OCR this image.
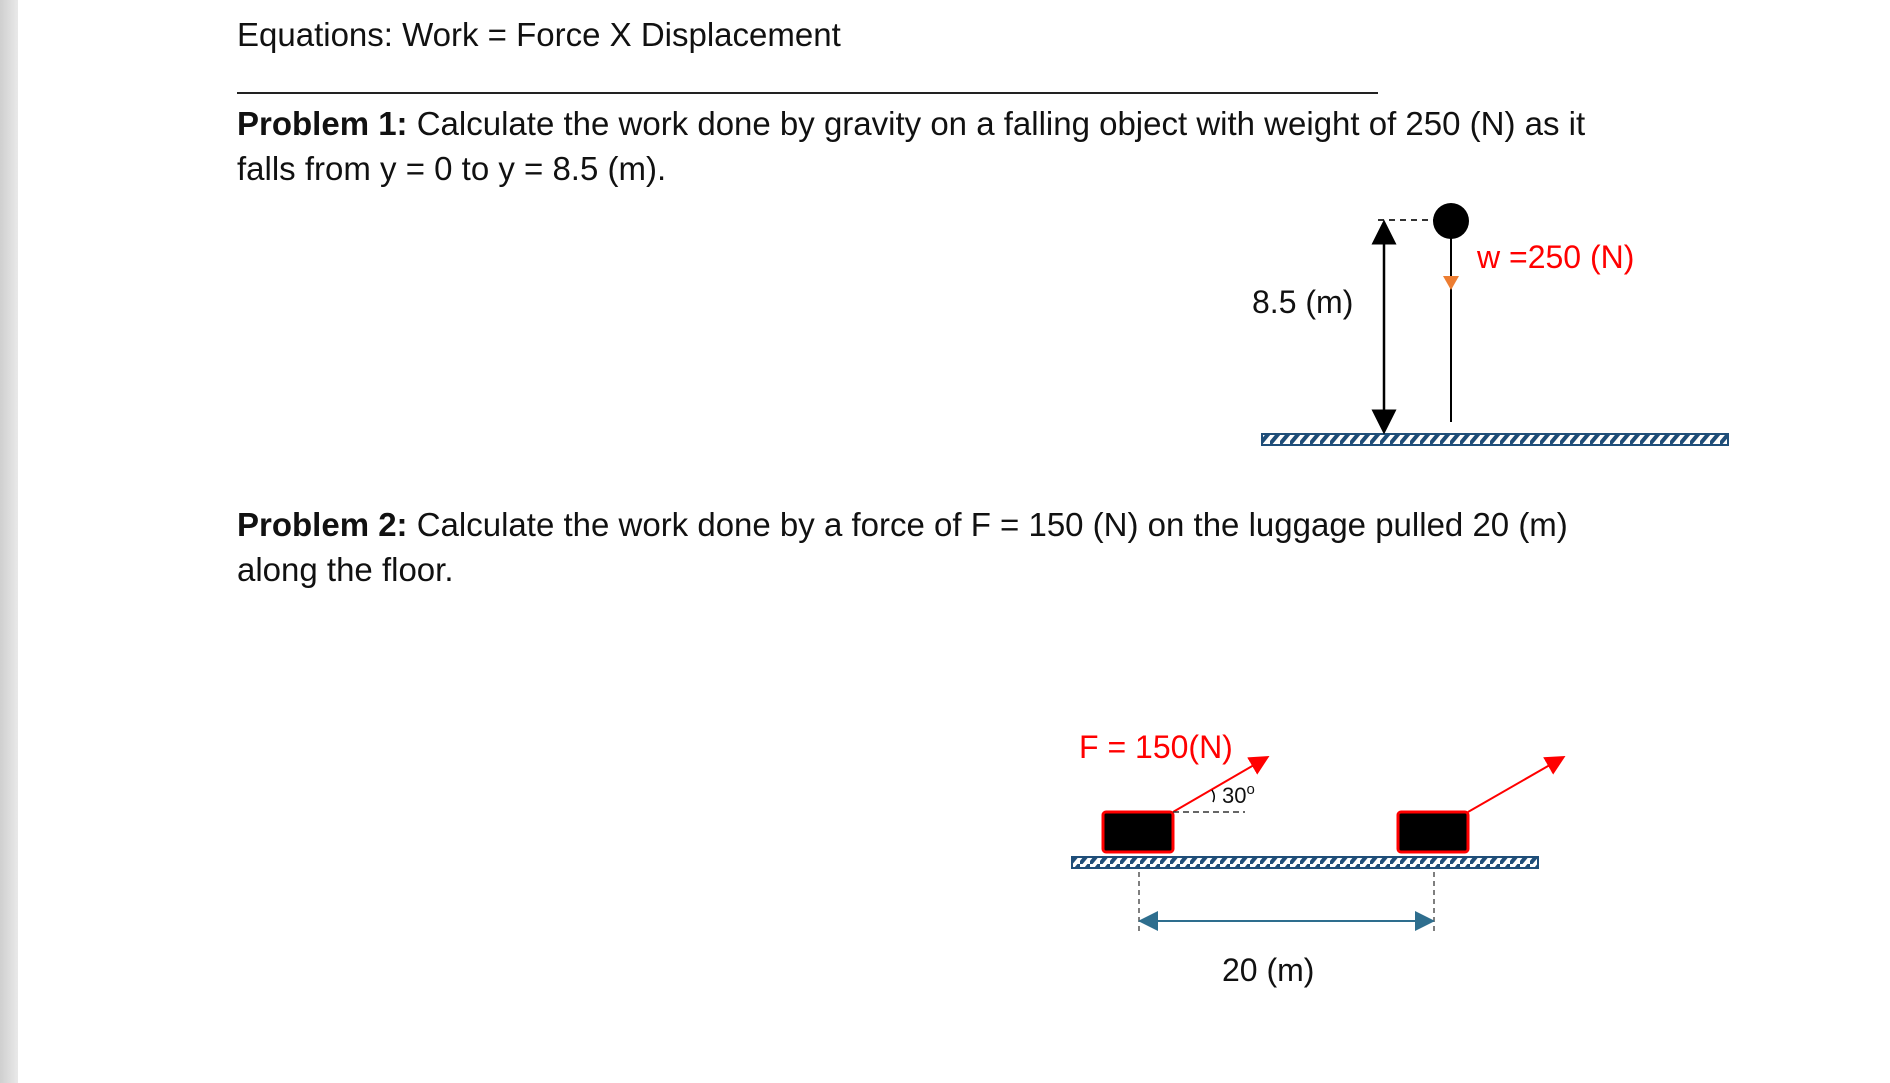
Equations: Work = Force X Displacement
Problem 1: Calculate the work done by gravity on a falling object with weight of 250 (N) as it
falls from y = 0 to y = 8.5 (m).
Problem 2: Calculate the work done by a force of F = 150 (N) on the luggage pulled 20 (m)
along the floor.
8.5 (m)
w =250 (N)
30$^o$
F = 150(N)
20 (m)
